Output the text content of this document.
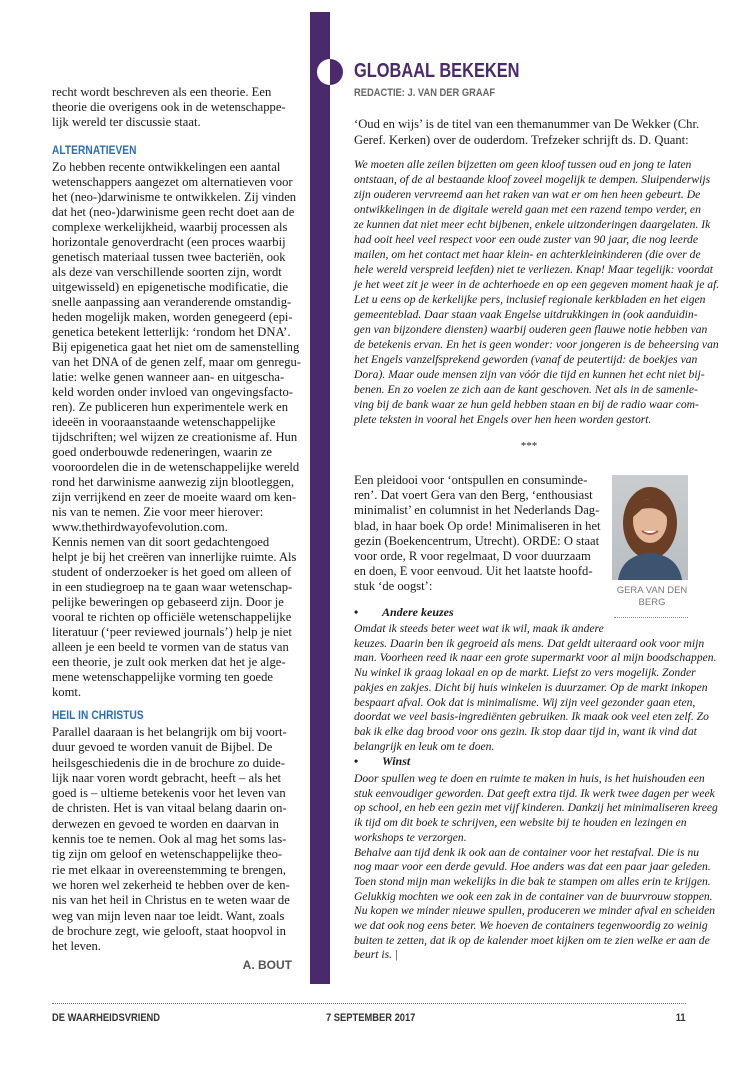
recht wordt beschreven als een theorie. Een
theorie die overigens ook in de wetenschappe-
lijk wereld ter discussie staat.
ALTERNATIEVEN
Zo hebben recente ontwikkelingen een aantal
wetenschappers aangezet om alternatieven voor
het (neo-)darwinisme te ontwikkelen. Zij vinden
dat het (neo-)darwinisme geen recht doet aan de
complexe werkelijkheid, waarbij processen als
horizontale genoverdracht (een proces waarbij
genetisch materiaal tussen twee bacteriën, ook
als deze van verschillende soorten zijn, wordt
uitgewisseld) en epigenetische modificatie, die
snelle aanpassing aan veranderende omstandig-
heden mogelijk maken, worden genegeerd (epi-
genetica betekent letterlijk: ‘rondom het DNA’.
Bij epigenetica gaat het niet om de samenstelling
van het DNA of de genen zelf, maar om genregu-
latie: welke genen wanneer aan- en uitgescha-
keld worden onder invloed van ongevingsfacto-
ren). Ze publiceren hun experimentele werk en
ideeën in vooraanstaande wetenschappelijke
tijdschriften; wel wijzen ze creationisme af. Hun
goed onderbouwde redeneringen, waarin ze
vooroordelen die in de wetenschappelijke wereld
rond het darwinisme aanwezig zijn blootleggen,
zijn verrijkend en zeer de moeite waard om ken-
nis van te nemen. Zie voor meer hierover:
www.thethirdwayofevolution.com.
Kennis nemen van dit soort gedachtengoed
helpt je bij het creëren van innerlijke ruimte. Als
student of onderzoeker is het goed om alleen of
in een studiegroep na te gaan waar wetenschap-
pelijke beweringen op gebaseerd zijn. Door je
vooral te richten op officiële wetenschappelijke
literatuur (‘peer reviewed journals’) help je niet
alleen je een beeld te vormen van de status van
een theorie, je zult ook merken dat het je alge-
mene wetenschappelijke vorming ten goede
komt.
HEIL IN CHRISTUS
Parallel daaraan is het belangrijk om bij voort-
duur gevoed te worden vanuit de Bijbel. De
heilsgeschiedenis die in de brochure zo duide-
lijk naar voren wordt gebracht, heeft – als het
goed is – ultieme betekenis voor het leven van
de christen. Het is van vitaal belang daarin on-
derwezen en gevoed te worden en daarvan in
kennis toe te nemen. Ook al mag het soms las-
tig zijn om geloof en wetenschappelijke theo-
rie met elkaar in overeenstemming te brengen,
we horen wel zekerheid te hebben over de ken-
nis van het heil in Christus en te weten waar de
weg van mijn leven naar toe leidt. Want, zoals
de brochure zegt, wie gelooft, staat hoopvol in
het leven.
A. BOUT
GLOBAAL BEKEKEN
REDACTIE: J. VAN DER GRAAF
‘Oud en wijs’ is de titel van een themanummer van De Wekker (Chr.
Geref. Kerken) over de ouderdom. Trefzeker schrijft ds. D. Quant:
We moeten alle zeilen bijzetten om geen kloof tussen oud en jong te laten
ontstaan, of de al bestaande kloof zoveel mogelijk te dempen. Sluipenderwijs
zijn ouderen vervreemd aan het raken van wat er om hen heen gebeurt. De
ontwikkelingen in de digitale wereld gaan met een razend tempo verder, en
ze kunnen dat niet meer echt bijbenen, enkele uitzonderingen daargelaten. Ik
had ooit heel veel respect voor een oude zuster van 90 jaar, die nog leerde
mailen, om het contact met haar klein- en achterkleinkinderen (die over de
hele wereld verspreid leefden) niet te verliezen. Knap! Maar tegelijk: voordat
je het weet zit je weer in de achterhoede en op een gegeven moment haak je af.
Let u eens op de kerkelijke pers, inclusief regionale kerkbladen en het eigen
gemeenteblad. Daar staan vaak Engelse uitdrukkingen in (ook aanduidin-
gen van bijzondere diensten) waarbij ouderen geen flauwe notie hebben van
de betekenis ervan. En het is geen wonder: voor jongeren is de beheersing van
het Engels vanzelfsprekend geworden (vanaf de peutertijd: de boekjes van
Dora). Maar oude mensen zijn van vóór die tijd en kunnen het echt niet bij-
benen. En zo voelen ze zich aan de kant geschoven. Net als in de samenle-
ving bij de bank waar ze hun geld hebben staan en bij de radio waar com-
plete teksten in vooral het Engels over hen heen worden gestort.
***
Een pleidooi voor ‘ontspullen en consuminde-
ren’. Dat voert Gera van den Berg, ‘enthousiast
minimalist’ en columnist in het Nederlands Dag-
blad, in haar boek Op orde! Minimaliseren in het
gezin (Boekencentrum, Utrecht). ORDE: O staat
voor orde, R voor regelmaat, D voor duurzaam
en doen, E voor eenvoud. Uit het laatste hoofd-
stuk ‘de oogst’:	GERA VAN DEN BERG
• Andere keuzes
Omdat ik steeds beter weet wat ik wil, maak ik andere
keuzes. Daarin ben ik gegroeid als mens. Dat geldt uiteraard ook voor mijn
man. Voorheen reed ik naar een grote supermarkt voor al mijn boodschappen.
Nu winkel ik graag lokaal en op de markt. Liefst zo vers mogelijk. Zonder
pakjes en zakjes. Dicht bij huis winkelen is duurzamer. Op de markt inkopen
bespaart afval. Ook dat is minimalisme. Wij zijn veel gezonder gaan eten,
doordat we veel basis-ingrediënten gebruiken. Ik maak ook veel eten zelf. Zo
bak ik elke dag brood voor ons gezin. Ik stop daar tijd in, want ik vind dat
belangrijk en leuk om te doen.
• Winst
Door spullen weg te doen en ruimte te maken in huis, is het huishouden een
stuk eenvoudiger geworden. Dat geeft extra tijd. Ik werk twee dagen per week
op school, en heb een gezin met vijf kinderen. Dankzij het minimaliseren kreeg
ik tijd om dit boek te schrijven, een website bij te houden en lezingen en
workshops te verzorgen.
Behalve aan tijd denk ik ook aan de container voor het restafval. Die is nu
nog maar voor een derde gevuld. Hoe anders was dat een paar jaar geleden.
Toen stond mijn man wekelijks in die bak te stampen om alles erin te krijgen.
Gelukkig mochten we ook een zak in de container van de buurvrouw stoppen.
Nu kopen we minder nieuwe spullen, produceren we minder afval en scheiden
we dat ook nog eens beter. We hoeven de containers tegenwoordig zo weinig
buiten te zetten, dat ik op de kalender moet kijken om te zien welke er aan de
beurt is. |
DE WAARHEIDSVRIEND	7 SEPTEMBER 2017	11
